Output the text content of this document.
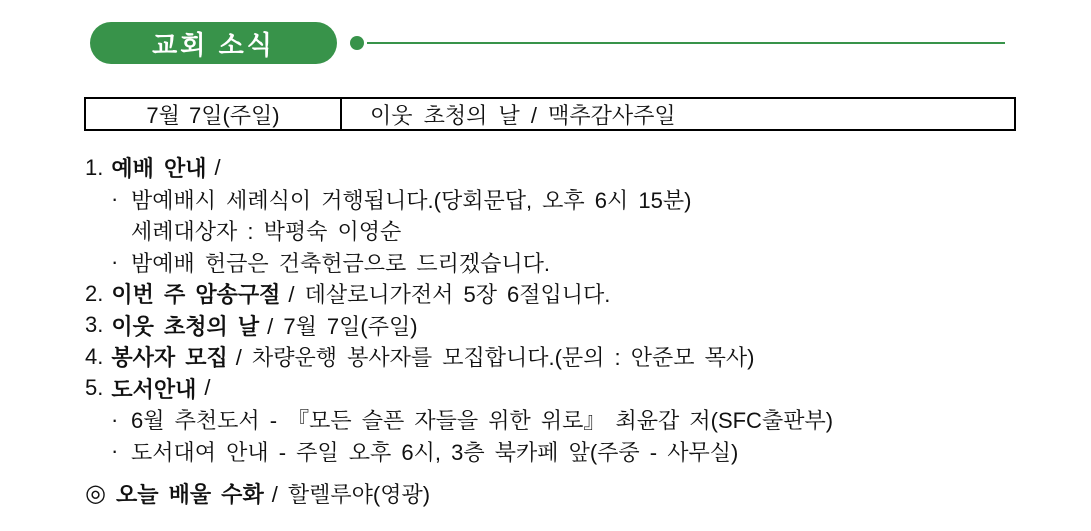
교회 소식
7월 7일(주일)	이웃 초청의 날 / 맥추감사주일
1. 예배 안내 /
· 밤예배시 세례식이 거행됩니다.(당회문답, 오후 6시 15분)
세례대상자 : 박평숙 이영순
· 밤예배 헌금은 건축헌금으로 드리겠습니다.
2. 이번 주 암송구절 / 데살로니가전서 5장 6절입니다.
3. 이웃 초청의 날 / 7월 7일(주일)
4. 봉사자 모집 / 차량운행 봉사자를 모집합니다.(문의 : 안준모 목사)
5. 도서안내 /
· 6월 추천도서 - 『모든 슬픈 자들을 위한 위로』 최윤갑 저(SFC출판부)
· 도서대여 안내 - 주일 오후 6시, 3층 북카페 앞(주중 - 사무실)
◎ 오늘 배울 수화 / 할렐루야(영광)
